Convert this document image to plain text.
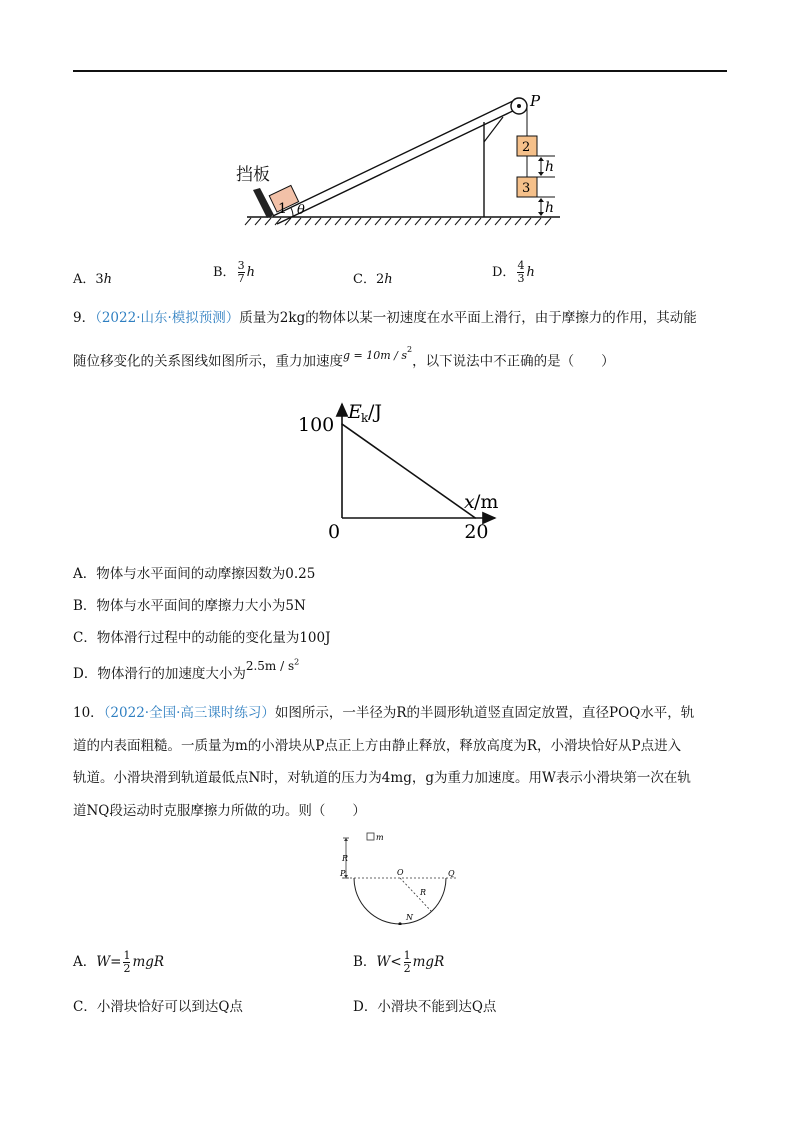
1 θ
P
2
3
h
h
挡板
A．3h	B． $\frac{3}{7}$ h	C．2h	D． $\frac{4}{3}$ h
9．（2022·山东·模拟预测）质量为2kg的物体以某一初速度在水平面上滑行，由于摩擦力的作用，其动能
随位移变化的关系图线如图所示，重力加速度$^{g = 10m / s2}$，以下说法中不正确的是（　　）
E k /J
x /m
0
100
20
A．物体与水平面间的动摩擦因数为0.25
B．物体与水平面间的摩擦力大小为5N
C．物体滑行过程中的动能的变化量为100J
D．物体滑行的加速度大小为$2.5m / s^2$
10．（2022·全国·高三课时练习）如图所示，一半径为R的半圆形轨道竖直固定放置，直径POQ水平，轨
道的内表面粗糙。一质量为m的小滑块从P点正上方由静止释放，释放高度为R，小滑块恰好从P点进入
轨道。小滑块滑到轨道最低点N时，对轨道的压力为4mg，g为重力加速度。用W表示小滑块第一次在轨
道NQ段运动时克服摩擦力所做的功。则（　　）
m
R
P	O	Q
R
N
A．$W= \frac{1}{2}$ mgR	B．$W< \frac{1}{2}$ mgR
C．小滑块恰好可以到达Q点	D．小滑块不能到达Q点
